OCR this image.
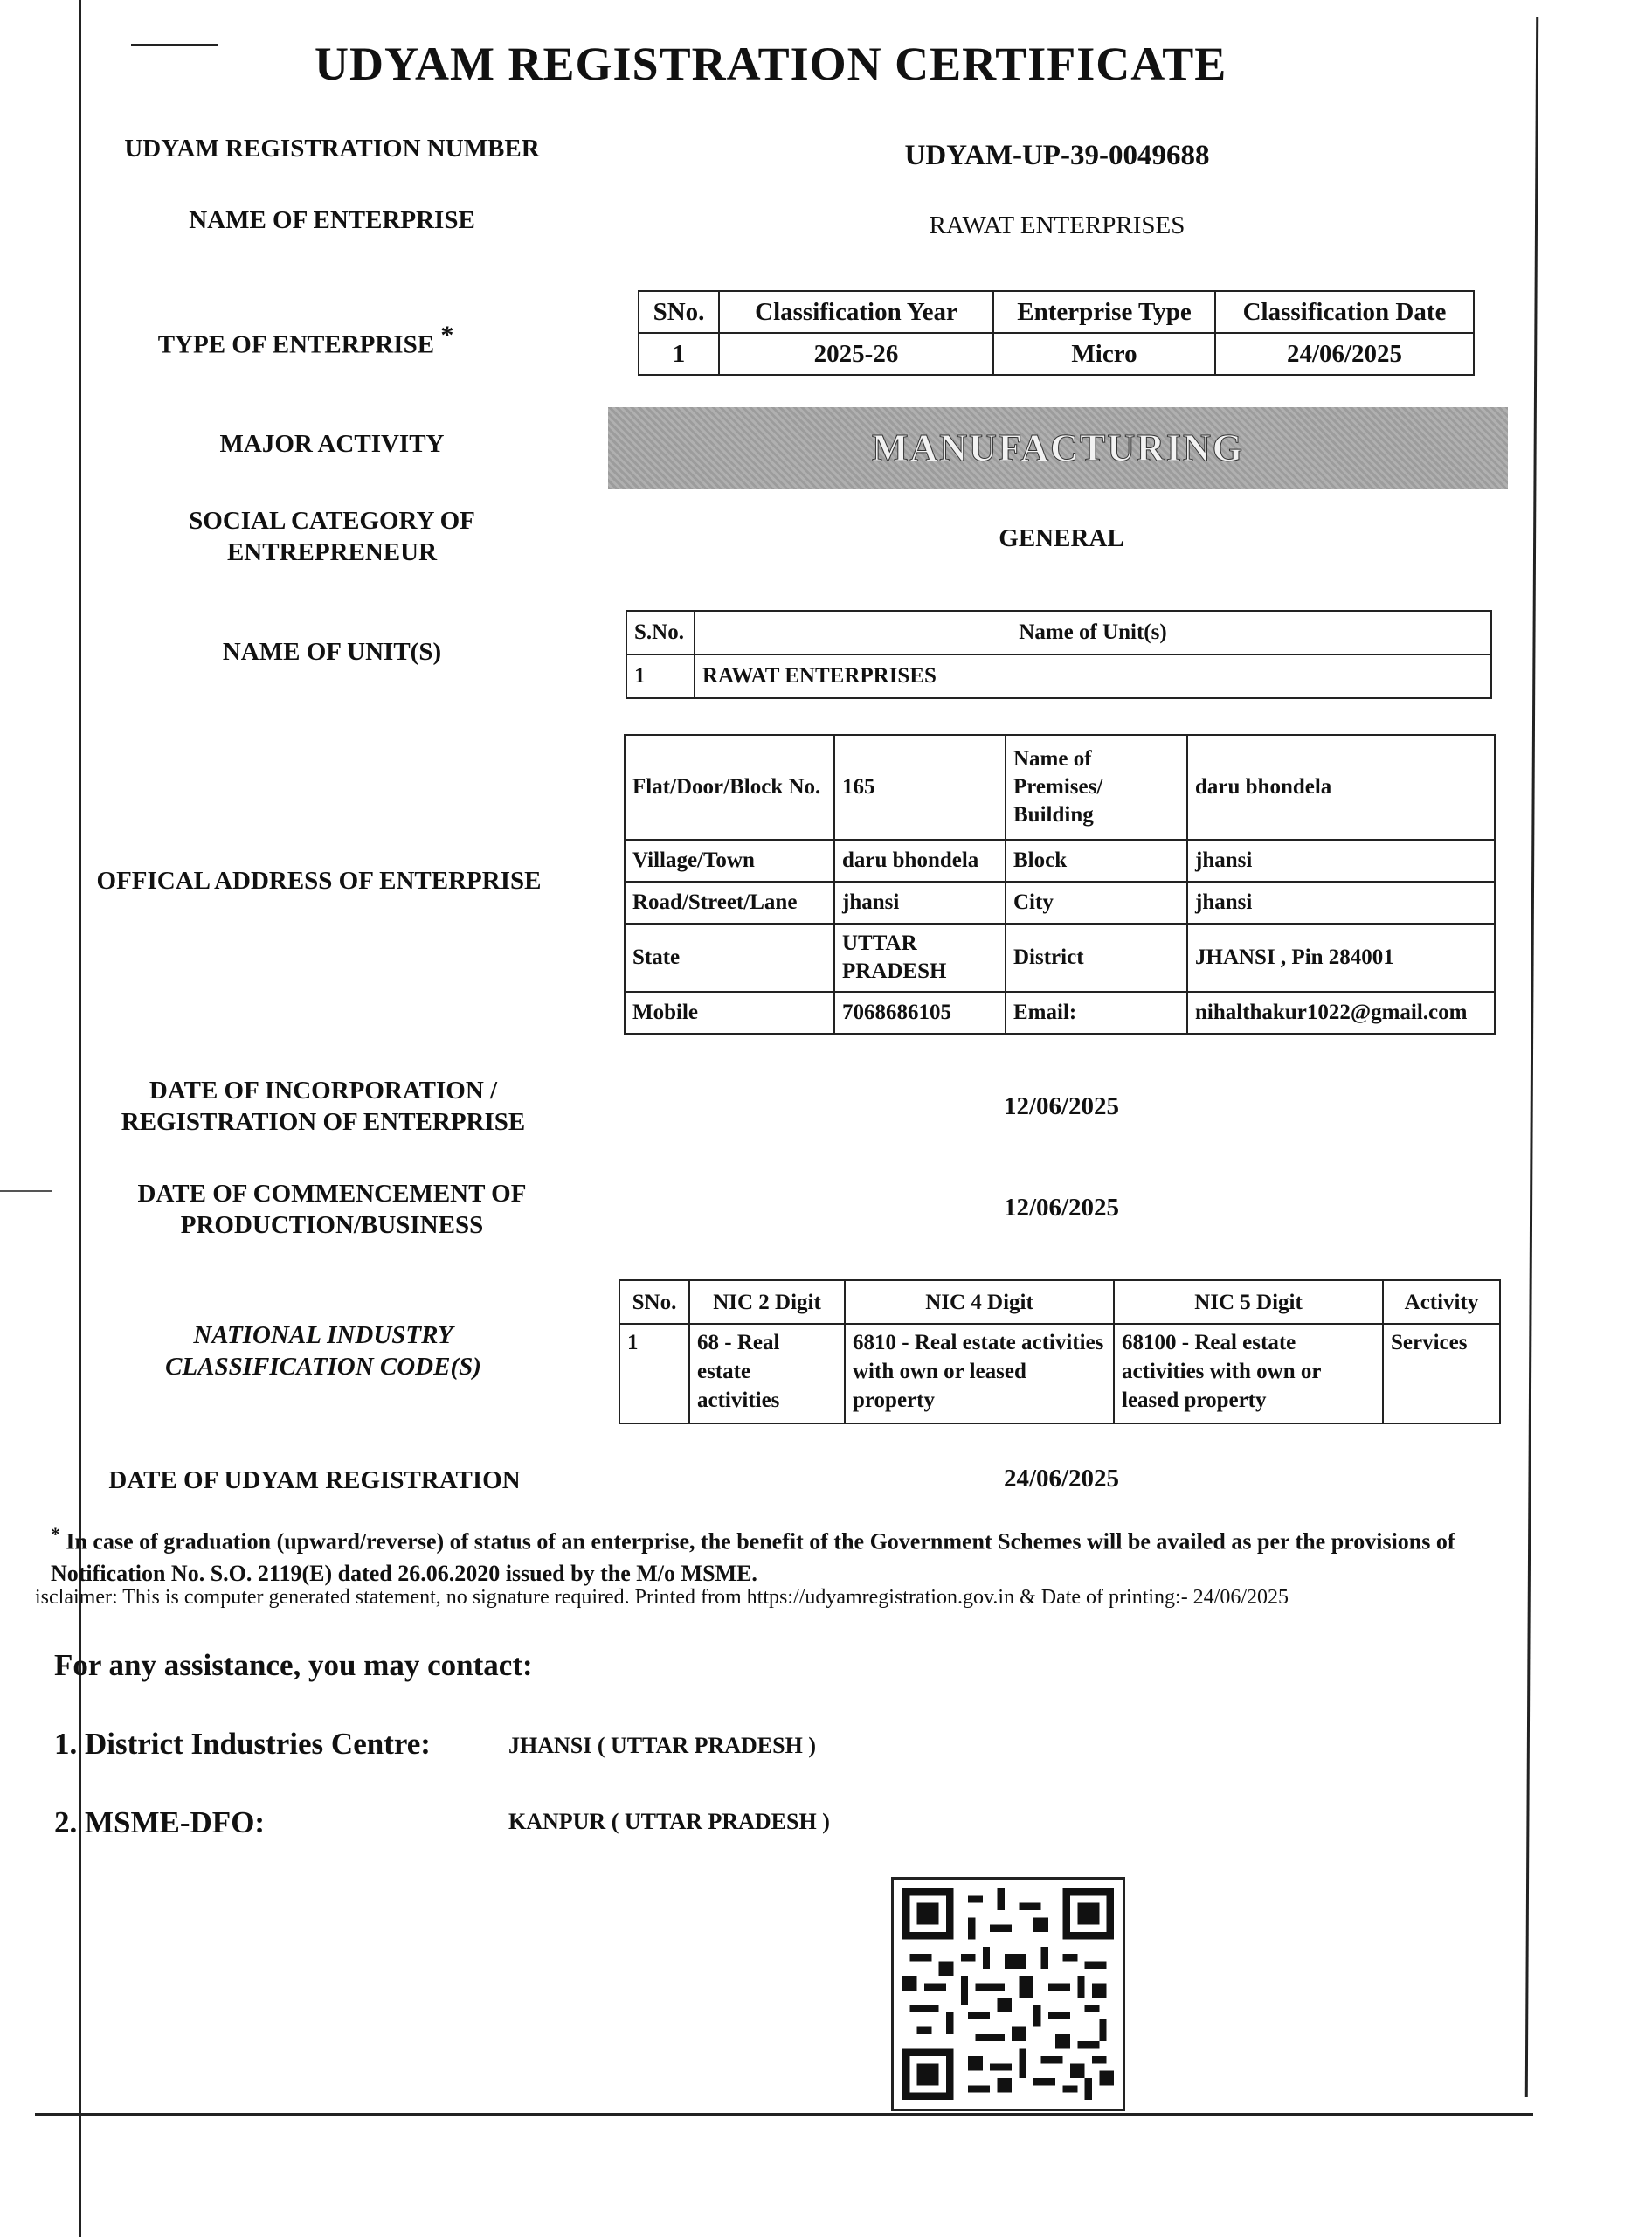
UDYAM REGISTRATION CERTIFICATE
UDYAM REGISTRATION NUMBER	UDYAM-UP-39-0049688
NAME OF ENTERPRISE	RAWAT ENTERPRISES
TYPE OF ENTERPRISE *
SNo.	Classification Year	Enterprise Type	Classification Date
1	2025-26	Micro	24/06/2025
MAJOR ACTIVITY	MANUFACTURING
SOCIAL CATEGORY OF
ENTREPRENEUR	GENERAL
NAME OF UNIT(S)
S.No.	Name of Unit(s)
1	RAWAT ENTERPRISES
OFFICAL ADDRESS OF ENTERPRISE
Flat/Door/Block No.	165	Name of Premises/ Building	daru bhondela
Village/Town	daru bhondela	Block	jhansi
Road/Street/Lane	jhansi	City	jhansi
State	UTTAR PRADESH	District	JHANSI , Pin 284001
Mobile	7068686105	Email:	nihalthakur1022@gmail.com
DATE OF INCORPORATION /
REGISTRATION OF ENTERPRISE
12/06/2025
DATE OF COMMENCEMENT OF
PRODUCTION/BUSINESS
12/06/2025
NATIONAL INDUSTRY
CLASSIFICATION CODE(S)
SNo.	NIC 2 Digit	NIC 4 Digit	NIC 5 Digit	Activity
1	68 - Real estate activities	6810 - Real estate activities with own or leased property	68100 - Real estate activities with own or leased property	Services
DATE OF UDYAM REGISTRATION	24/06/2025
* In case of graduation (upward/reverse) of status of an enterprise, the benefit of the Government Schemes will be availed as per the provisions of Notification No. S.O. 2119(E) dated 26.06.2020 issued by the M/o MSME.
isclaimer: This is computer generated statement, no signature required. Printed from https://udyamregistration.gov.in & Date of printing:- 24/06/2025
For any assistance, you may contact:
1. District Industries Centre:	JHANSI ( UTTAR PRADESH )
2. MSME-DFO:	KANPUR ( UTTAR PRADESH )
